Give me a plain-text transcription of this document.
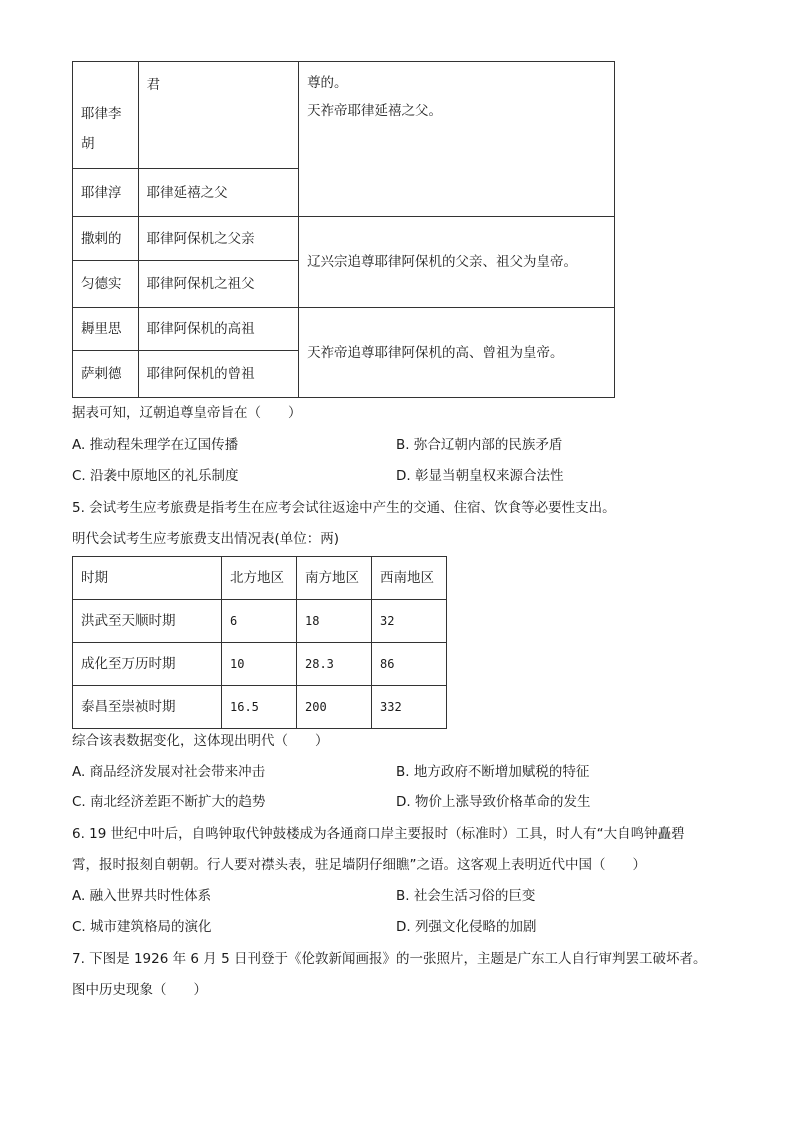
耶律李胡	君	尊的。
天祚帝耶律延禧之父。

耶律淳	耶律延禧之父	
撒剌的	耶律阿保机之父亲	辽兴宗追尊耶律阿保机的父亲、祖父为皇帝。
匀德实	耶律阿保机之祖父	
耨里思	耶律阿保机的高祖	天祚帝追尊耶律阿保机的高、曾祖为皇帝。
萨剌德	耶律阿保机的曾祖	
据表可知，辽朝追尊皇帝旨在（　　）
A. 推动程朱理学在辽国传播	B. 弥合辽朝内部的民族矛盾
C. 沿袭中原地区的礼乐制度	D. 彰显当朝皇权来源合法性
5. 会试考生应考旅费是指考生在应考会试往返途中产生的交通、住宿、饮食等必要性支出。
明代会试考生应考旅费支出情况表(单位：两)
时期	北方地区	南方地区	西南地区
洪武至天顺时期	6	18	32
成化至万历时期	10	28.3	86
泰昌至崇祯时期	16.5	200	332
综合该表数据变化，这体现出明代（　　）
A. 商品经济发展对社会带来冲击	B. 地方政府不断增加赋税的特征
C. 南北经济差距不断扩大的趋势	D. 物价上涨导致价格革命的发生
6. 19 世纪中叶后，自鸣钟取代钟鼓楼成为各通商口岸主要报时（标准时）工具，时人有“大自鸣钟矗碧
霄，报时报刻自朝朝。行人要对襟头表，驻足墙阴仔细瞧”之语。这客观上表明近代中国（　　）
A. 融入世界共时性体系	B. 社会生活习俗的巨变
C. 城市建筑格局的演化	D. 列强文化侵略的加剧
7. 下图是 1926 年 6 月 5 日刊登于《伦敦新闻画报》的一张照片，主题是广东工人自行审判罢工破坏者。
图中历史现象（　　）
